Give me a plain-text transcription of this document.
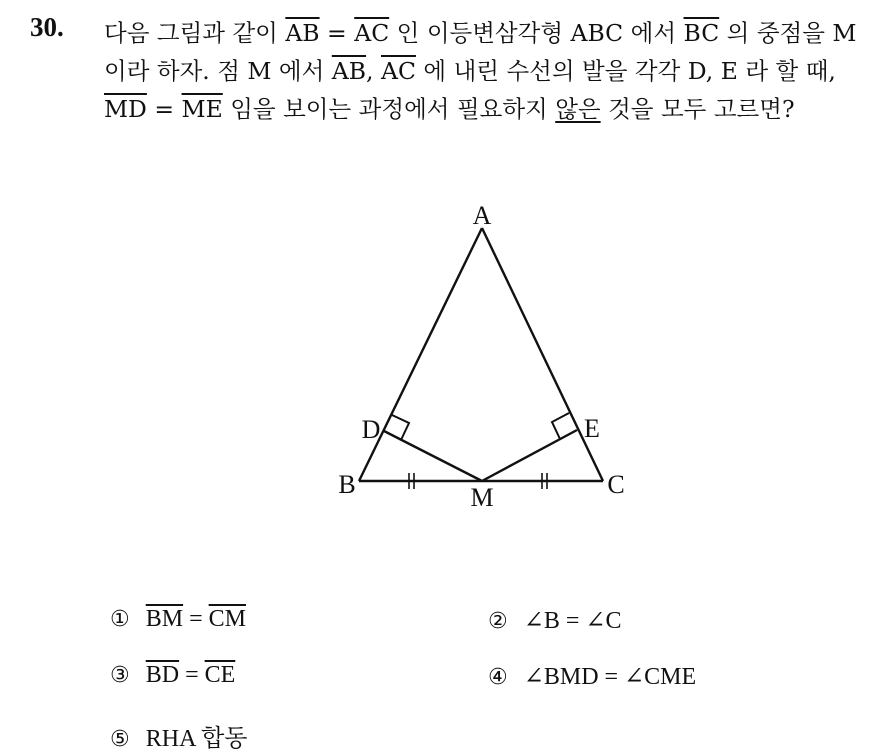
30. 다음 그림과 같이 $\overline{AB} = \overline{AC}$ 인 이등변삼각형 ABC 에서 $\overline{BC}$ 의 중점을 M 이라 하자. 점 M 에서 $\overline{AB}$, $\overline{AC}$ 에 내린 수선의 발을 각각 D, E 라 할 때, $\overline{MD} = \overline{ME}$ 임을 보이는 과정에서 필요하지 않은 것을 모두 고르면?
A
B	C
D	E
M
① $\overline{BM} = \overline{CM}$	② ∠B = ∠C
③ $\overline{BD} = \overline{CE}$	④ ∠BMD = ∠CME
⑤ RHA 합동
